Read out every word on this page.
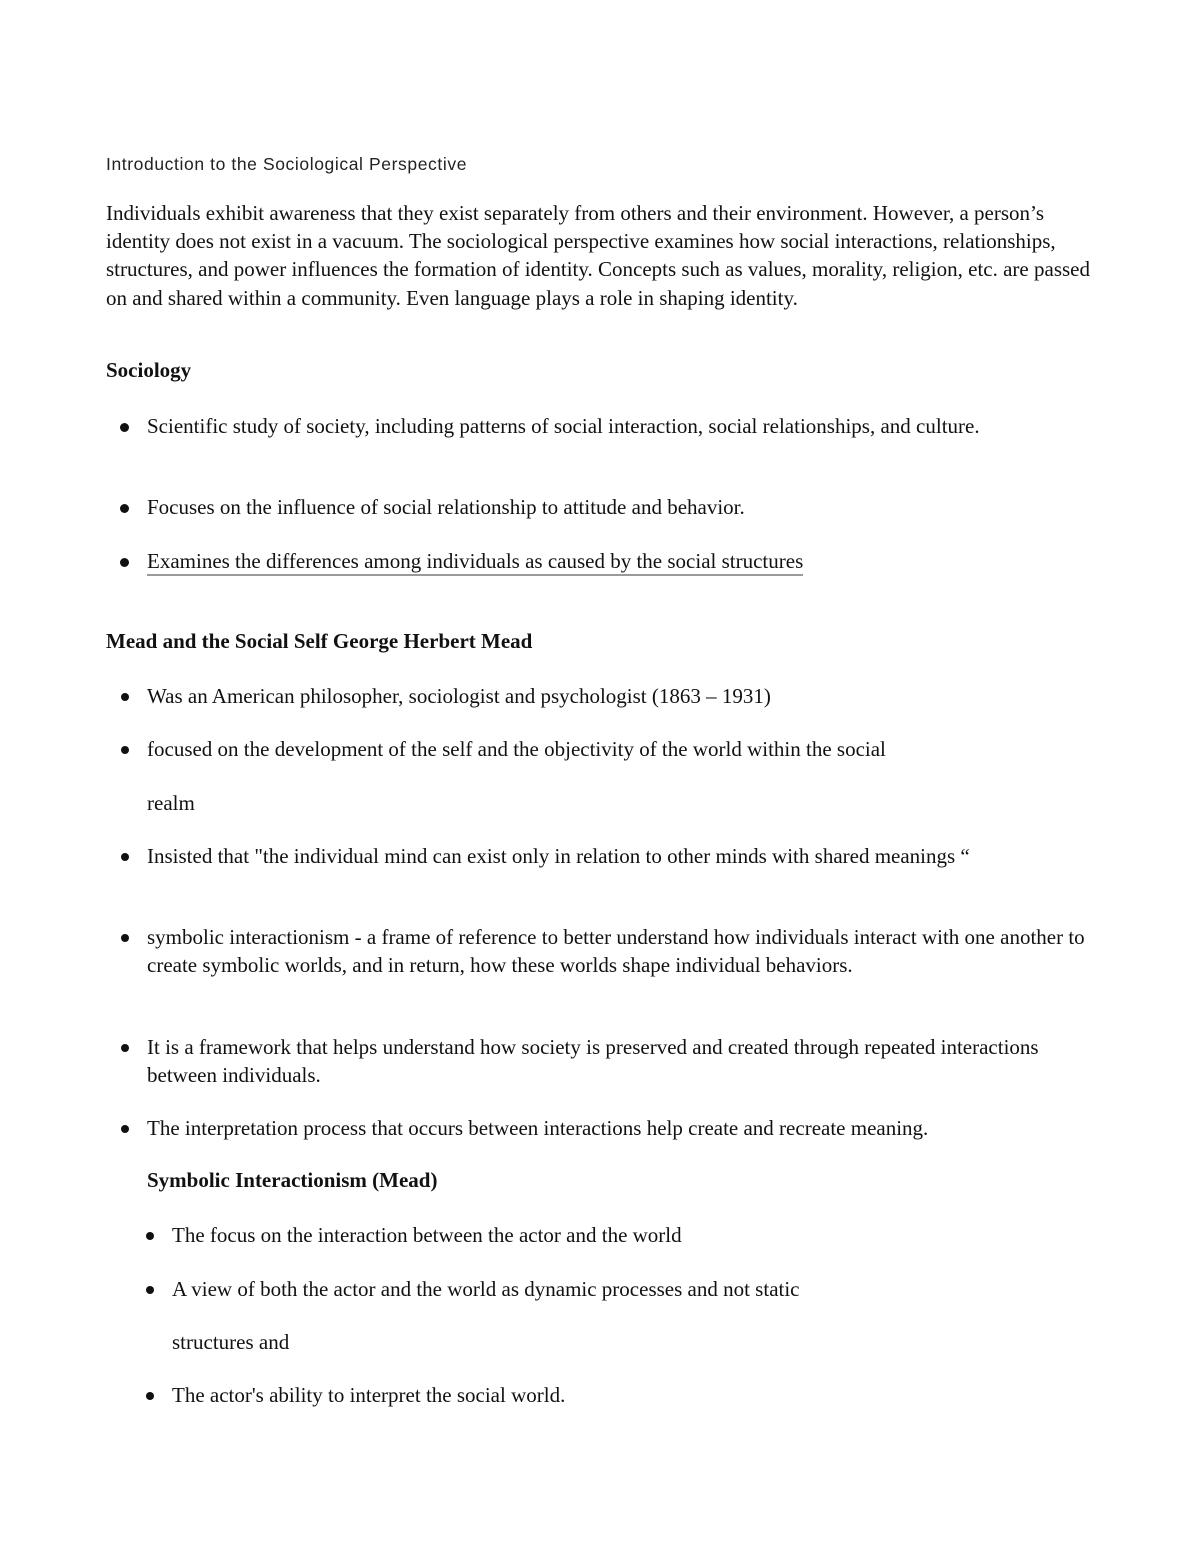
Introduction to the Sociological Perspective

Individuals exhibit awareness that they exist separately from others and their environment. However, a person’s identity does not exist in a vacuum. The sociological perspective examines how social interactions, relationships, structures, and power influences the formation of identity. Concepts such as values, morality, religion, etc. are passed on and shared within a community. Even language plays a role in shaping identity.

Sociology

Scientific study of society, including patterns of social interaction, social relationships, and culture.

Focuses on the influence of social relationship to attitude and behavior.

Examines the differences among individuals as caused by the social structures

Mead and the Social Self George Herbert Mead

Was an American philosopher, sociologist and psychologist (1863 – 1931)

focused on the development of the self and the objectivity of the world within the social

realm

Insisted that "the individual mind can exist only in relation to other minds with shared meanings “

symbolic interactionism - a frame of reference to better understand how individuals interact with one another to create symbolic worlds, and in return, how these worlds shape individual behaviors.

It is a framework that helps understand how society is preserved and created through repeated interactions between individuals.

The interpretation process that occurs between interactions help create and recreate meaning.

Symbolic Interactionism (Mead)

The focus on the interaction between the actor and the world

A view of both the actor and the world as dynamic processes and not static

structures and

The actor's ability to interpret the social world.
